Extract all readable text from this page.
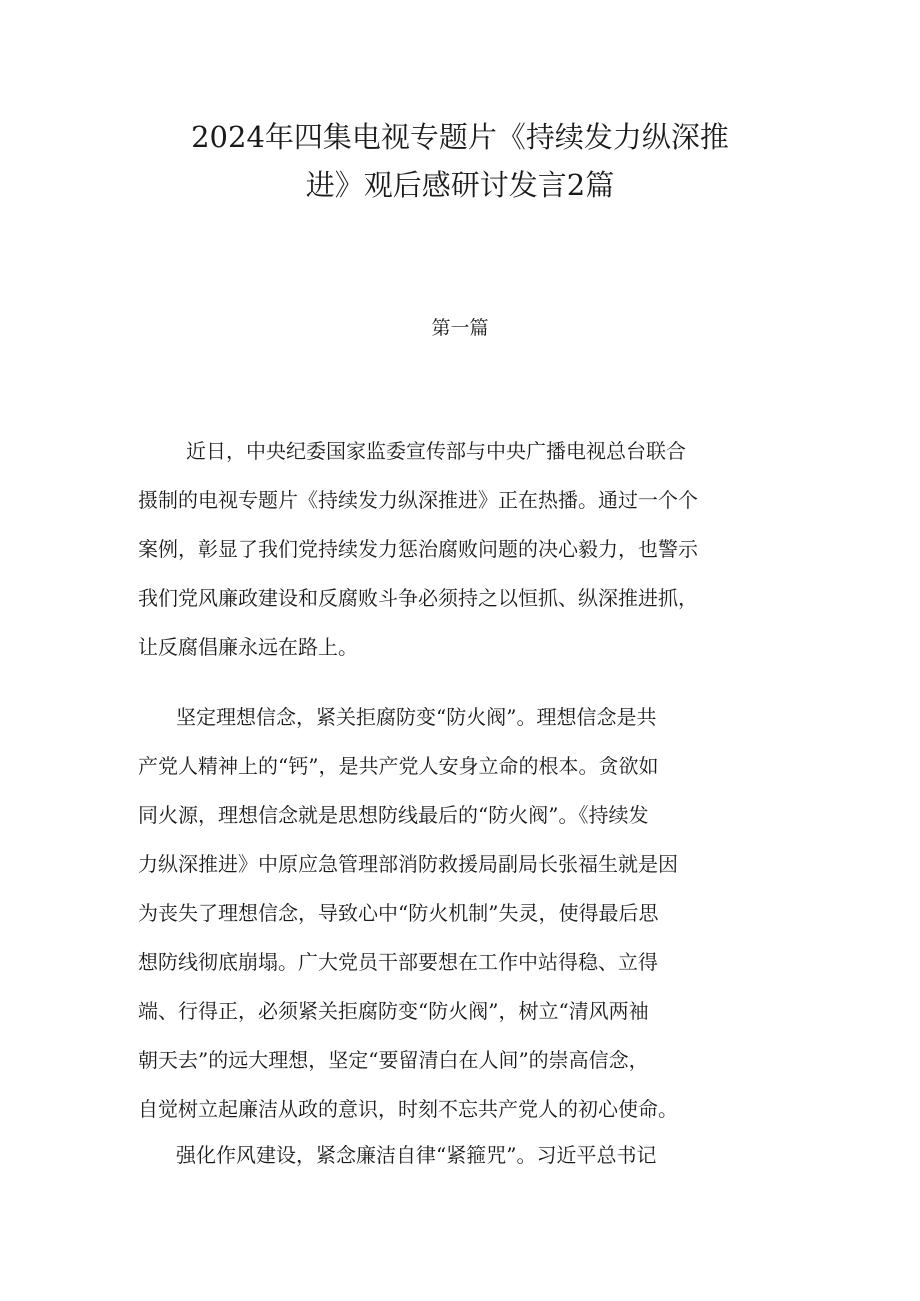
2024年四集电视专题片《持续发力纵深推
进》观后感研讨发言2篇
第一篇
近日，中央纪委国家监委宣传部与中央广播电视总台联合
摄制的电视专题片《持续发力纵深推进》正在热播。通过一个个
案例，彰显了我们党持续发力惩治腐败问题的决心毅力，也警示
我们党风廉政建设和反腐败斗争必须持之以恒抓、纵深推进抓，
让反腐倡廉永远在路上。
坚定理想信念，紧关拒腐防变“防火阀”。理想信念是共
产党人精神上的“钙”，是共产党人安身立命的根本。贪欲如
同火源，理想信念就是思想防线最后的“防火阀”。《持续发
力纵深推进》中原应急管理部消防救援局副局长张福生就是因
为丧失了理想信念，导致心中“防火机制”失灵，使得最后思
想防线彻底崩塌。广大党员干部要想在工作中站得稳、立得
端、行得正，必须紧关拒腐防变“防火阀”，树立“清风两袖
朝天去”的远大理想，坚定“要留清白在人间”的崇高信念，
自觉树立起廉洁从政的意识，时刻不忘共产党人的初心使命。
强化作风建设，紧念廉洁自律“紧箍咒”。习近平总书记
